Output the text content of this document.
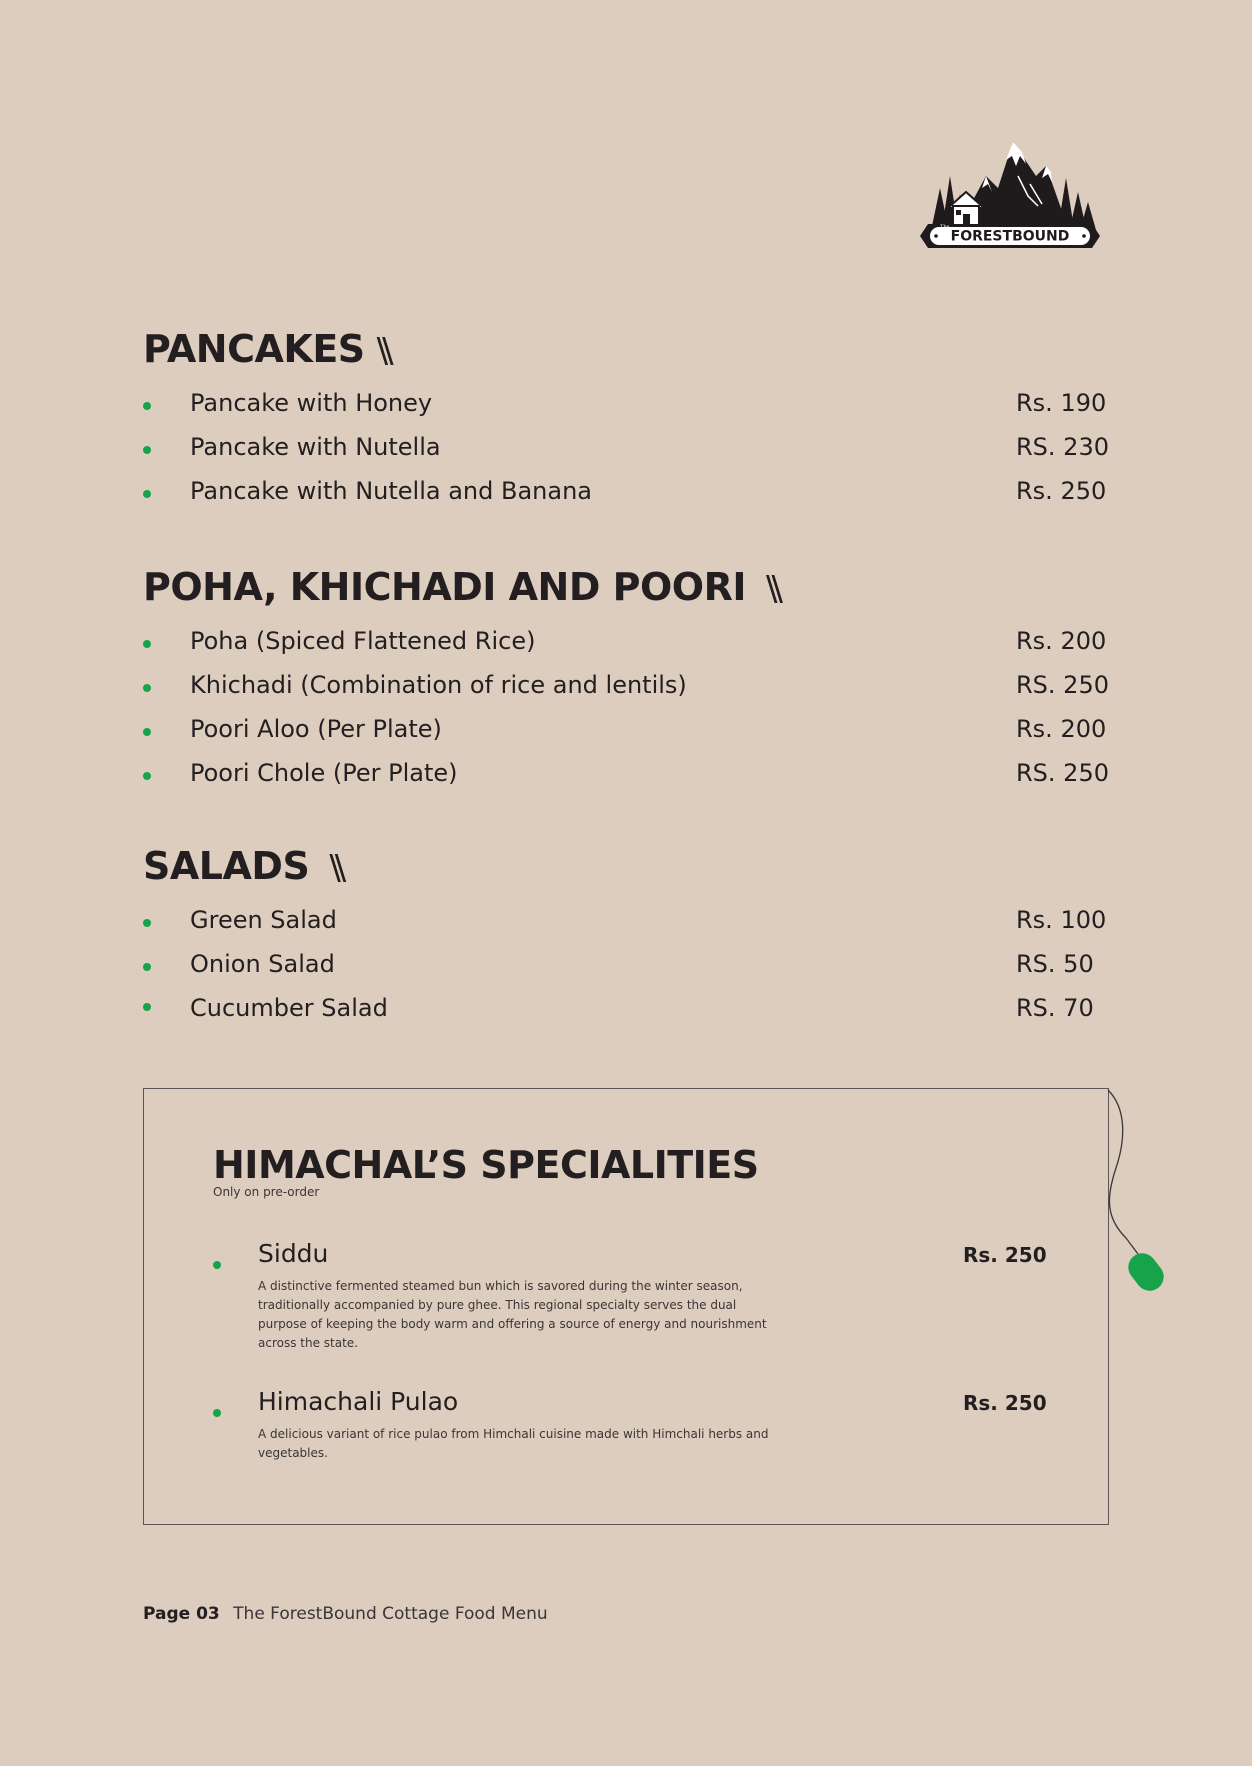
FORESTBOUND
The
PANCAKES \\
Pancake with Honey	Rs. 190
Pancake with Nutella	RS. 230
Pancake with Nutella and Banana	Rs. 250
POHA, KHICHADI AND POORI \\
Poha (Spiced Flattened Rice)	Rs. 200
Khichadi (Combination of rice and lentils)	RS. 250
Poori Aloo (Per Plate)	Rs. 200
Poori Chole (Per Plate)	RS. 250
SALADS \\
Green Salad	Rs. 100
Onion Salad	RS. 50
Cucumber Salad	RS. 70
HIMACHAL’S SPECIALITIES
Only on pre-order
Siddu	Rs. 250

A distinctive fermented steamed bun which is savored during the winter season, traditionally accompanied by pure ghee. This regional specialty serves the dual purpose of keeping the body warm and offering a source of energy and nourishment across the state.

Himachali Pulao	Rs. 250

A delicious variant of rice pulao from Himchali cuisine made with Himchali herbs and vegetables.

Page 03 The ForestBound Cottage Food Menu
